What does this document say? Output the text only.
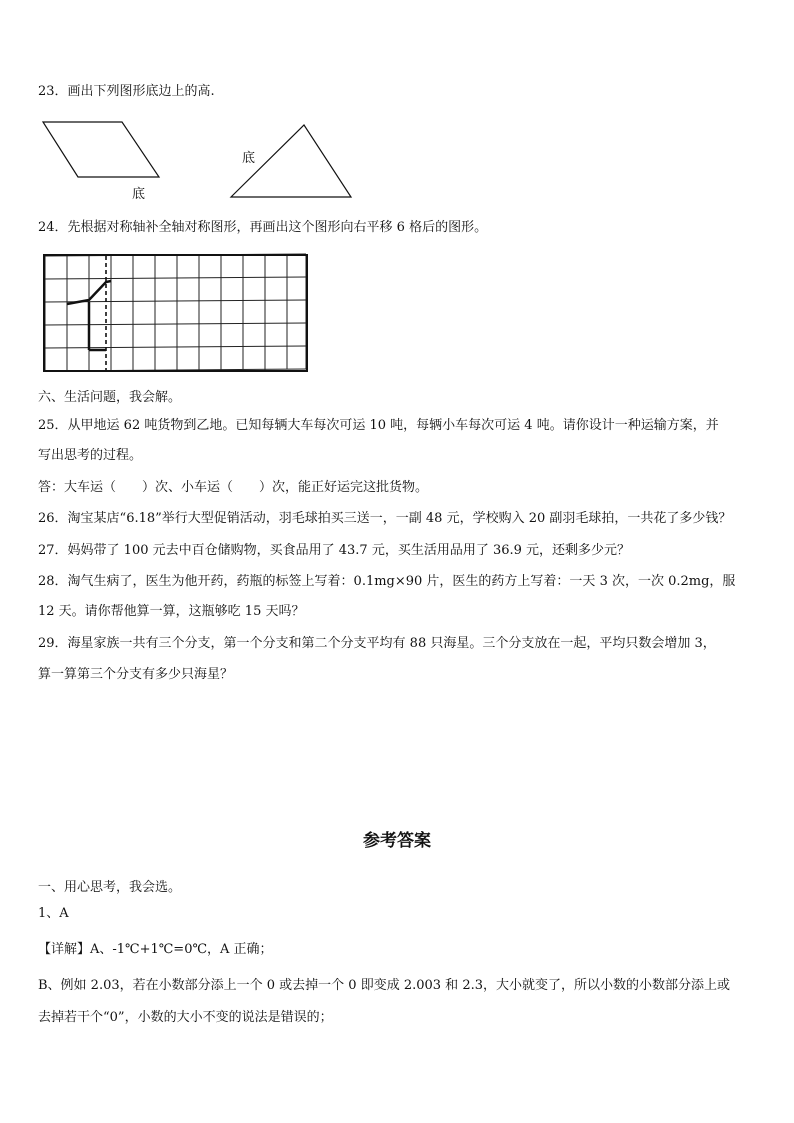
23．画出下列图形底边上的高.
底
底
24．先根据对称轴补全轴对称图形，再画出这个图形向右平移 6 格后的图形。
六、生活问题，我会解。
25．从甲地运 62 吨货物到乙地。已知每辆大车每次可运 10 吨，每辆小车每次可运 4 吨。请你设计一种运输方案，并
写出思考的过程。
答：大车运（　　）次、小车运（　　）次，能正好运完这批货物。
26．淘宝某店“6.18”举行大型促销活动，羽毛球拍买三送一，一副 48 元，学校购入 20 副羽毛球拍，一共花了多少钱？
27．妈妈带了 100 元去中百仓储购物，买食品用了 43.7 元，买生活用品用了 36.9 元，还剩多少元？
28．淘气生病了，医生为他开药，药瓶的标签上写着：0.1mg×90 片，医生的药方上写着：一天 3 次，一次 0.2mg，服
12 天。请你帮他算一算，这瓶够吃 15 天吗？
29．海星家族一共有三个分支，第一个分支和第二个分支平均有 88 只海星。三个分支放在一起，平均只数会增加 3，
算一算第三个分支有多少只海星？
参考答案
一、用心思考，我会选。
1、A
【详解】A、-1℃+1℃=0℃，A 正确；
B、例如 2.03，若在小数部分添上一个 0 或去掉一个 0 即变成 2.003 和 2.3，大小就变了，所以小数的小数部分添上或
去掉若干个“0”，小数的大小不变的说法是错误的；
